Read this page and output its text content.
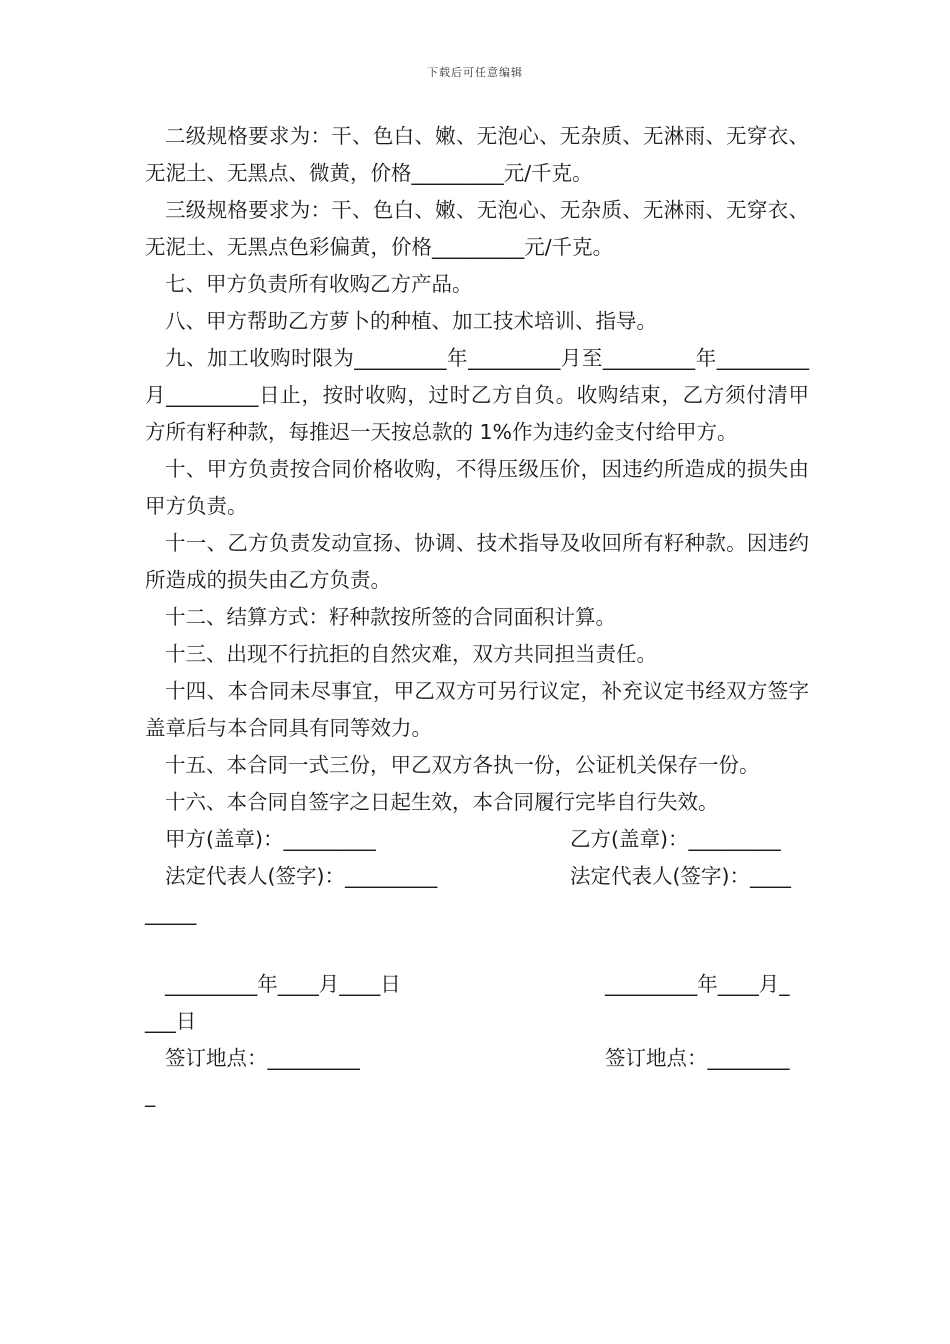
下载后可任意编辑

二级规格要求为：干、色白、嫩、无泡心、无杂质、无淋雨、无穿衣、无泥土、无黑点、微黄，价格_________元/千克。

三级规格要求为：干、色白、嫩、无泡心、无杂质、无淋雨、无穿衣、无泥土、无黑点色彩偏黄，价格_________元/千克。

七、甲方负责所有收购乙方产品。

八、甲方帮助乙方萝卜的种植、加工技术培训、指导。

九、加工收购时限为_________年_________月至_________年_________月_________日止，按时收购，过时乙方自负。收购结束，乙方须付清甲方所有籽种款，每推迟一天按总款的 1%作为违约金支付给甲方。

十、甲方负责按合同价格收购，不得压级压价，因违约所造成的损失由甲方负责。

十一、乙方负责发动宣扬、协调、技术指导及收回所有籽种款。因违约所造成的损失由乙方负责。

十二、结算方式：籽种款按所签的合同面积计算。

十三、出现不行抗拒的自然灾难，双方共同担当责任。

十四、本合同未尽事宜，甲乙双方可另行议定，补充议定书经双方签字盖章后与本合同具有同等效力。

十五、本合同一式三份，甲乙双方各执一份，公证机关保存一份。

十六、本合同自签字之日起生效，本合同履行完毕自行失效。

甲方(盖章)：_________	乙方(盖章)：_________
法定代表人(签字)：_________	法定代表人(签字)：____
_____
_________年____月____日	_________年____月_
___日
签订地点：_________	签订地点：________
_
